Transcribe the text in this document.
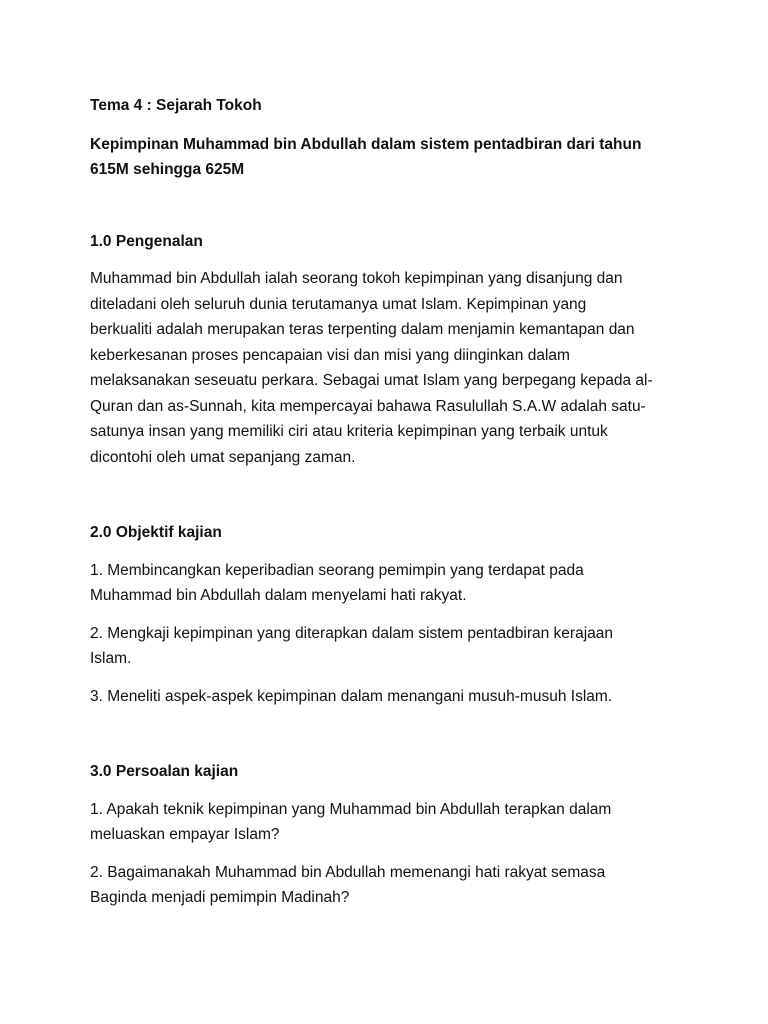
Tema 4 : Sejarah Tokoh

Kepimpinan Muhammad bin Abdullah dalam sistem pentadbiran dari tahun
615M sehingga 625M

1.0 Pengenalan

Muhammad bin Abdullah ialah seorang tokoh kepimpinan yang disanjung dan
diteladani oleh seluruh dunia terutamanya umat Islam. Kepimpinan yang
berkualiti adalah merupakan teras terpenting dalam menjamin kemantapan dan
keberkesanan proses pencapaian visi dan misi yang diinginkan dalam
melaksanakan seseuatu perkara. Sebagai umat Islam yang berpegang kepada al-
Quran dan as-Sunnah, kita mempercayai bahawa Rasulullah S.A.W adalah satu-
satunya insan yang memiliki ciri atau kriteria kepimpinan yang terbaik untuk
dicontohi oleh umat sepanjang zaman.

2.0 Objektif kajian

1. Membincangkan keperibadian seorang pemimpin yang terdapat pada
Muhammad bin Abdullah dalam menyelami hati rakyat.

2. Mengkaji kepimpinan yang diterapkan dalam sistem pentadbiran kerajaan
Islam.

3. Meneliti aspek-aspek kepimpinan dalam menangani musuh-musuh Islam.

3.0 Persoalan kajian

1. Apakah teknik kepimpinan yang Muhammad bin Abdullah terapkan dalam
meluaskan empayar Islam?

2. Bagaimanakah Muhammad bin Abdullah memenangi hati rakyat semasa
Baginda menjadi pemimpin Madinah?
